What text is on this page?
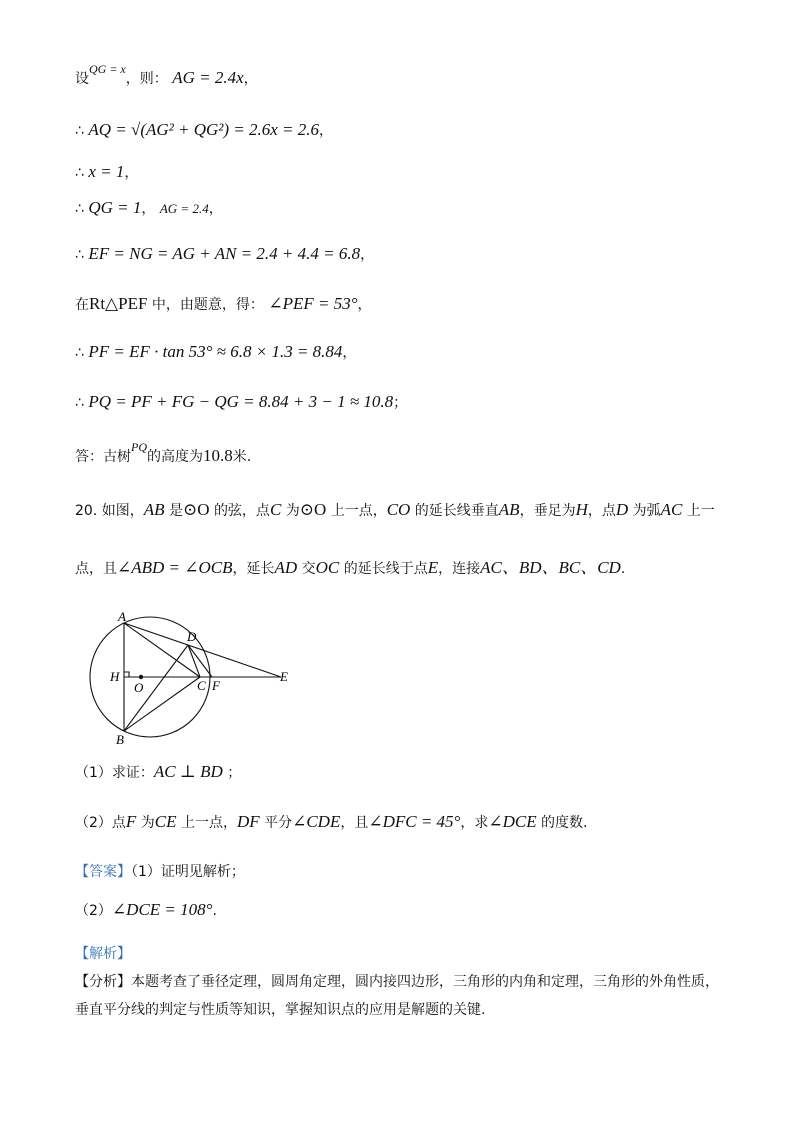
设QG = x，则： AG = 2.4x，
∴ AQ = √(AG² + QG²) = 2.6x = 2.6，
∴ x = 1，
∴ QG = 1， AG = 2.4，
∴ EF = NG = AG + AN = 2.4 + 4.4 = 6.8，
在Rt△PEF 中，由题意，得： ∠PEF = 53°，
∴ PF = EF · tan 53° ≈ 6.8 × 1.3 = 8.84，
∴ PQ = PF + FG − QG = 8.84 + 3 − 1 ≈ 10.8；
答：古树PQ的高度为10.8米.
20. 如图，AB 是⊙O 的弦，点C 为⊙O 上一点，CO 的延长线垂直AB，垂足为H，点D 为弧AC 上一
点，且∠ABD = ∠OCB，延长AD 交OC 的延长线于点E，连接AC、BD、BC、CD.
A
B
D
H
O	C F
E
（1）求证：AC ⊥ BD ；
（2）点F 为CE 上一点，DF 平分∠CDE，且∠DFC = 45°，求∠DCE 的度数.
【答案】（1）证明见解析；
（2）∠DCE = 108°.
【解析】
【分析】本题考查了垂径定理，圆周角定理，圆内接四边形，三角形的内角和定理，三角形的外角性质，垂直平分线的判定与性质等知识，掌握知识点的应用是解题的关键.
